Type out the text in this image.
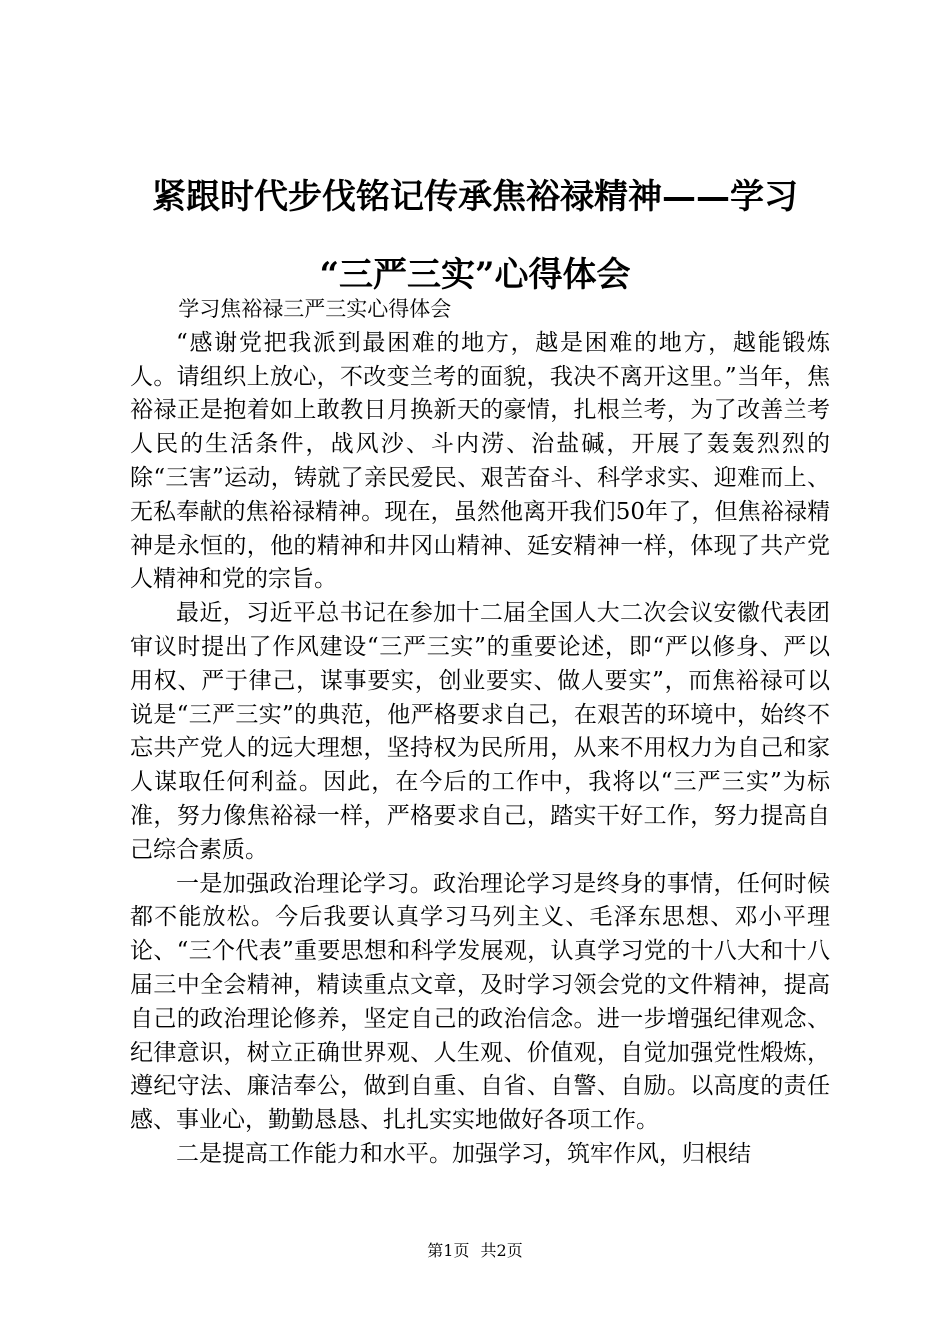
紧跟时代步伐铭记传承焦裕禄精神——学习
“三严三实”心得体会

学习焦裕禄三严三实心得体会

“感谢党把我派到最困难的地方，越是困难的地方，越能锻炼人。请组织上放心，不改变兰考的面貌，我决不离开这里。”当年，焦裕禄正是抱着如上敢教日月换新天的豪情，扎根兰考，为了改善兰考人民的生活条件，战风沙、斗内涝、治盐碱，开展了轰轰烈烈的除“三害”运动，铸就了亲民爱民、艰苦奋斗、科学求实、迎难而上、无私奉献的焦裕禄精神。现在，虽然他离开我们50年了，但焦裕禄精神是永恒的，他的精神和井冈山精神、延安精神一样，体现了共产党人精神和党的宗旨。

最近，习近平总书记在参加十二届全国人大二次会议安徽代表团审议时提出了作风建设“三严三实”的重要论述，即“严以修身、严以用权、严于律己，谋事要实，创业要实、做人要实”，而焦裕禄可以说是“三严三实”的典范，他严格要求自己，在艰苦的环境中，始终不忘共产党人的远大理想，坚持权为民所用，从来不用权力为自己和家人谋取任何利益。因此，在今后的工作中，我将以“三严三实”为标准，努力像焦裕禄一样，严格要求自己，踏实干好工作，努力提高自己综合素质。

一是加强政治理论学习。政治理论学习是终身的事情，任何时候都不能放松。今后我要认真学习马列主义、毛泽东思想、邓小平理论、“三个代表”重要思想和科学发展观，认真学习党的十八大和十八届三中全会精神，精读重点文章，及时学习领会党的文件精神，提高自己的政治理论修养，坚定自己的政治信念。进一步增强纪律观念、纪律意识，树立正确世界观、人生观、价值观，自觉加强党性煅炼，遵纪守法、廉洁奉公，做到自重、自省、自警、自励。以高度的责任感、事业心，勤勤恳恳、扎扎实实地做好各项工作。

二是提高工作能力和水平。加强学习，筑牢作风，归根结

第1页 共2页
